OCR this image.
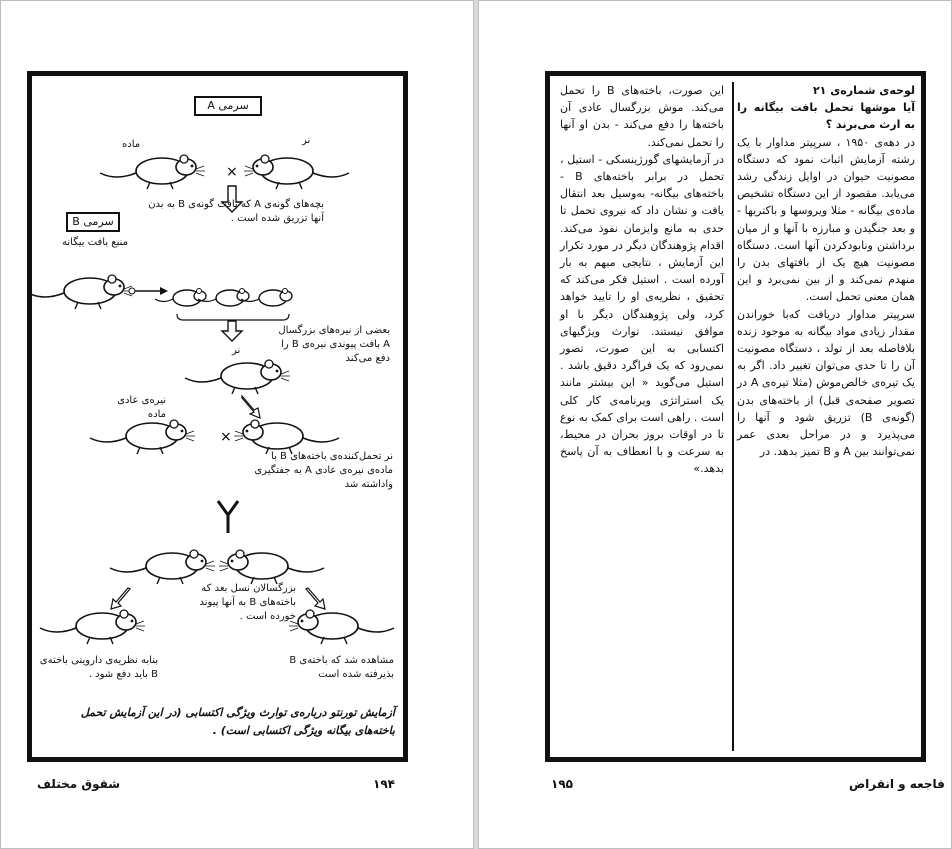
سرمی A
نر
ماده
×
×
بچه‌های گونه‌ی A که بافت گونه‌ی B به بدن آنها تزریق شده است .
سرمی B
منبع بافت بیگانه
بعضی از نیره‌های بزرگسال A بافت پیوندی نیره‌ی B را دفع می‌کند
نر
نیره‌ی عادی ماده
نر تحمل‌کننده‌ی باخته‌های B با ماده‌ی نیره‌ی عادی A به جفتگیری واداشته شد
بزرگسالان نسل بعد که باخته‌های B به آنها پیوند خورده است .
بنابه نظریه‌ی داروینی باخته‌ی B باید دفع شود .
مشاهده شد که باخته‌ی B بذیرفته شده است
آزمایش تورنتو درباره‌ی توارث ویژگی اکتسابی (در این آزمایش تحمل باخته‌های بیگانه ویژگی اکتسابی است) .
شقوق مختلف	۱۹۴

لوحه‌ی شماره‌ی ۲۱

آیا موشها تحمل بافت بیگانه را به ارث می‌برند ؟

در دهه‌ی ۱۹۵۰ ، سرپیتر مداوار با یک رشته آزمایش اثبات نمود که دستگاه مصونیت حیوان در اوایل زندگی رشد می‌یابد. مقصود از این دستگاه تشخیص ماده‌ی بیگانه - مثلا ویروسها و باکتریها - و بعد جنگیدن و مبارزه با آنها و از میان برداشتن ونابودکردن آنها است. دستگاه مصونیت هیچ یک از بافتهای بدن را منهدم نمی‌کند و از بین نمی‌برد و این همان معنی تحمل است.

سرپیتر مداوار دریافت که‌با خوراندن مقدار زیادی مواد بیگانه به موجود زنده بلافاصله بعد از تولد ، دستگاه مصونیت آن را تا حدی می‌توان تغییر داد. اگر به یک تیره‌ی خالص‌موش (مثلا تیره‌ی A در تصویر صفحه‌ی قبل) از باخته‌های بدن (گونه‌ی B) تزریق شود و آنها را می‌پذیرد و در مراحل بعدی عمر نمی‌توانند بین A و B تمیز بدهد. در

این صورت، باخته‌های B را تحمل می‌کند. موش بزرگسال عادی آن باخته‌ها را دفع می‌کند - بدن او آنها را تحمل نمی‌کند.

در آزمایشهای گورژینسکی - استیل ، تحمل در برابر باخته‌های B - باخته‌های بیگانه- به‌وسیل‌ بعد انتقال یافت و نشان داد که نیروی تحمل تا حدی به مانع وایزمان نفوذ می‌کند. اقدام پژوهندگان دیگر در مورد تکرار این آزمایش ، نتایجی مبهم به بار آورده است . استیل فکر می‌کند که تحقیق ، نظریه‌ی او را تایید خواهد کرد، ولی پژوهندگان دیگر با او موافق نیستند. توارث ویژگیهای اکتسابی به این صورت، تصور نمی‌رود که یک فراگرد دقیق باشد . استیل می‌گوید « این بیشتر مانند یک استراتژی ویرنامه‌ی کار کلی است . راهی است برای کمک به نوع تا در اوقات بروز بحران در محیط، به سرعت و با انعطاف به آن پاسخ بدهد.»

۱۹۵	فاجعه و انقراض
